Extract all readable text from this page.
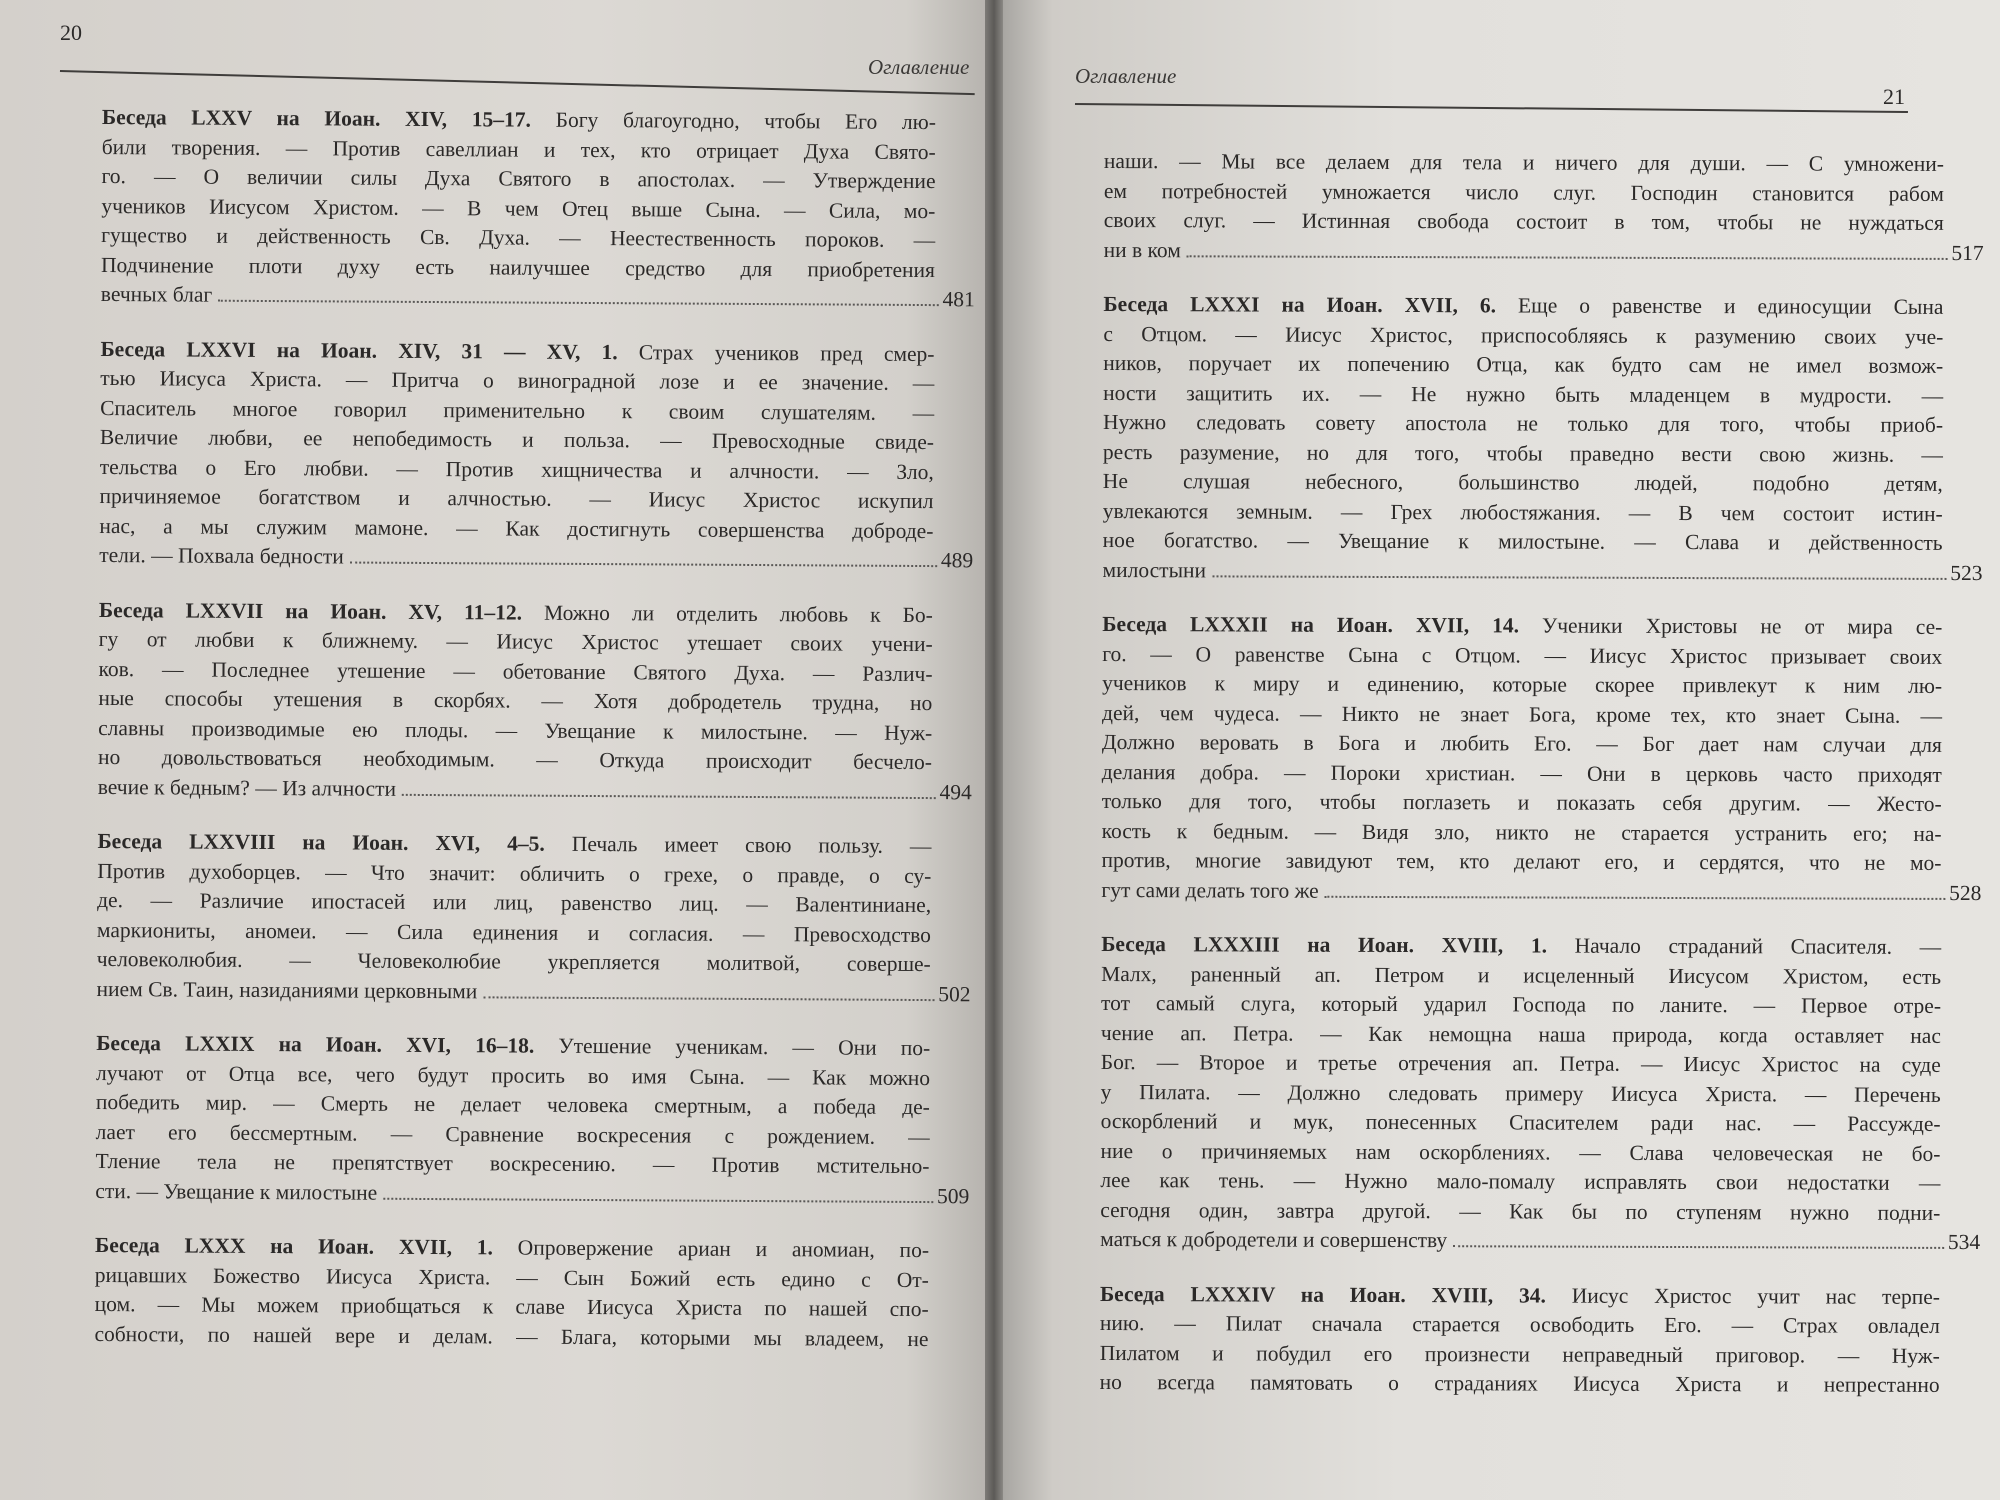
20
Оглавление
Беседа LXXV на Иоан. XIV, 15–17. Богу благоугодно, чтобы Его лю-
били творения. — Против савеллиан и тех, кто отрицает Духа Свято-
го. — О величии силы Духа Святого в апостолах. — Утверждение
учеников Иисусом Христом. — В чем Отец выше Сына. — Сила, мо-
гущество и действенность Св. Духа. — Неестественность пороков. —
Подчинение плоти духу есть наилучшее средство для приобретения
вечных благ	481
Беседа LXXVI на Иоан. XIV, 31 — XV, 1. Страх учеников пред смер-
тью Иисуса Христа. — Притча о виноградной лозе и ее значение. —
Спаситель многое говорил применительно к своим слушателям. —
Величие любви, ее непобедимость и польза. — Превосходные свиде-
тельства о Его любви. — Против хищничества и алчности. — Зло,
причиняемое богатством и алчностью. — Иисус Христос искупил
нас, а мы служим мамоне. — Как достигнуть совершенства доброде-
тели. — Похвала бедности	489
Беседа LXXVII на Иоан. XV, 11–12. Можно ли отделить любовь к Бо-
гу от любви к ближнему. — Иисус Христос утешает своих учени-
ков. — Последнее утешение — обетование Святого Духа. — Различ-
ные способы утешения в скорбях. — Хотя добродетель трудна, но
славны производимые ею плоды. — Увещание к милостыне. — Нуж-
но довольствоваться необходимым. — Откуда происходит бесчело-
вечие к бедным? — Из алчности	494
Беседа LXXVIII на Иоан. XVI, 4–5. Печаль имеет свою пользу. —
Против духоборцев. — Что значит: обличить о грехе, о правде, о су-
де. — Различие ипостасей или лиц, равенство лиц. — Валентиниане,
маркиониты, аномеи. — Сила единения и согласия. — Превосходство
человеколюбия. — Человеколюбие укрепляется молитвой, соверше-
нием Св. Таин, назиданиями церковными	502
Беседа LXXIX на Иоан. XVI, 16–18. Утешение ученикам. — Они по-
лучают от Отца все, чего будут просить во имя Сына. — Как можно
победить мир. — Смерть не делает человека смертным, а победа де-
лает его бессмертным. — Сравнение воскресения с рождением. —
Тление тела не препятствует воскресению. — Против мстительно-
сти. — Увещание к милостыне	509
Беседа LXXX на Иоан. XVII, 1. Опровержение ариан и аномиан, по-
рицавших Божество Иисуса Христа. — Сын Божий есть едино с От-
цом. — Мы можем приобщаться к славе Иисуса Христа по нашей спо-
собности, по нашей вере и делам. — Блага, которыми мы владеем, не
Оглавление
21
наши. — Мы все делаем для тела и ничего для души. — С умножени-
ем потребностей умножается число слуг. Господин становится рабом
своих слуг. — Истинная свобода состоит в том, чтобы не нуждаться
ни в ком	517
Беседа LXXXI на Иоан. XVII, 6. Еще о равенстве и единосущии Сына
с Отцом. — Иисус Христос, приспособляясь к разумению своих уче-
ников, поручает их попечению Отца, как будто сам не имел возмож-
ности защитить их. — Не нужно быть младенцем в мудрости. —
Нужно следовать совету апостола не только для того, чтобы приоб-
ресть разумение, но для того, чтобы праведно вести свою жизнь. —
Не слушая небесного, большинство людей, подобно детям,
увлекаются земным. — Грех любостяжания. — В чем состоит истин-
ное богатство. — Увещание к милостыне. — Слава и действенность
милостыни	523
Беседа LXXXII на Иоан. XVII, 14. Ученики Христовы не от мира се-
го. — О равенстве Сына с Отцом. — Иисус Христос призывает своих
учеников к миру и единению, которые скорее привлекут к ним лю-
дей, чем чудеса. — Никто не знает Бога, кроме тех, кто знает Сына. —
Должно веровать в Бога и любить Его. — Бог дает нам случаи для
делания добра. — Пороки христиан. — Они в церковь часто приходят
только для того, чтобы поглазеть и показать себя другим. — Жесто-
кость к бедным. — Видя зло, никто не старается устранить его; на-
против, многие завидуют тем, кто делают его, и сердятся, что не мо-
гут сами делать того же	528
Беседа LXXXIII на Иоан. XVIII, 1. Начало страданий Спасителя. —
Малх, раненный ап. Петром и исцеленный Иисусом Христом, есть
тот самый слуга, который ударил Господа по ланите. — Первое отре-
чение ап. Петра. — Как немощна наша природа, когда оставляет нас
Бог. — Второе и третье отречения ап. Петра. — Иисус Христос на суде
у Пилата. — Должно следовать примеру Иисуса Христа. — Перечень
оскорблений и мук, понесенных Спасителем ради нас. — Рассужде-
ние о причиняемых нам оскорблениях. — Слава человеческая не бо-
лее как тень. — Нужно мало-помалу исправлять свои недостатки —
сегодня один, завтра другой. — Как бы по ступеням нужно подни-
маться к добродетели и совершенству	534
Беседа LXXXIV на Иоан. XVIII, 34. Иисус Христос учит нас терпе-
нию. — Пилат сначала старается освободить Его. — Страх овладел
Пилатом и побудил его произнести неправедный приговор. — Нуж-
но всегда памятовать о страданиях Иисуса Христа и непрестанно
